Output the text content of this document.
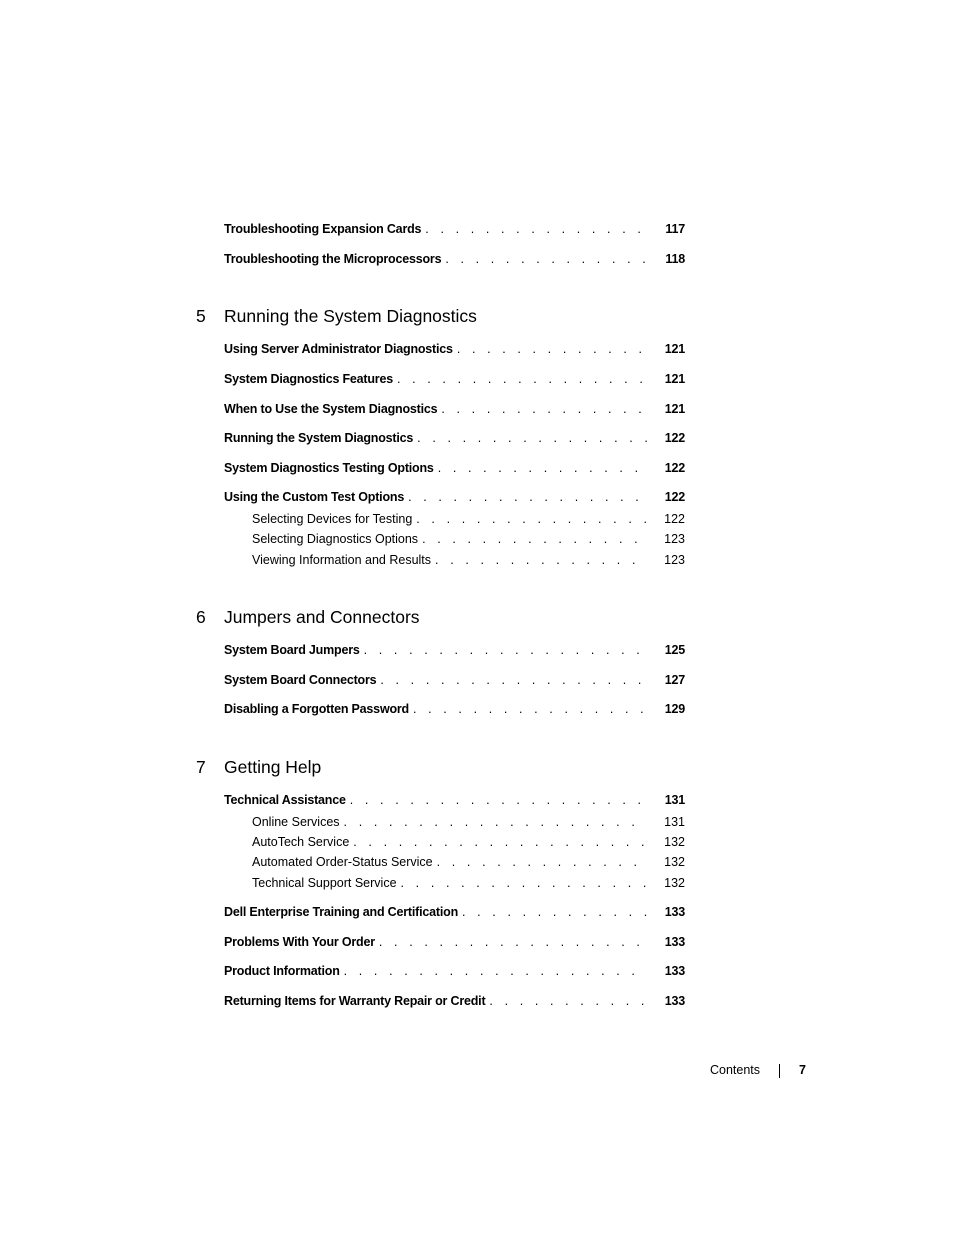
Troubleshooting Expansion Cards . . .	117
Troubleshooting the Microprocessors . . .	118
5 Running the System Diagnostics
Using Server Administrator Diagnostics . . .	121
System Diagnostics Features . . .	121
When to Use the System Diagnostics . . .	121
Running the System Diagnostics . . .	122
System Diagnostics Testing Options . . .	122
Using the Custom Test Options . . .	122
Selecting Devices for Testing . . .	122
Selecting Diagnostics Options . . .	123
Viewing Information and Results . . .	123
6 Jumpers and Connectors
System Board Jumpers . . .	125
System Board Connectors . . .	127
Disabling a Forgotten Password . . .	129
7 Getting Help
Technical Assistance . . .	131
Online Services . . .	131
AutoTech Service . . .	132
Automated Order-Status Service . . .	132
Technical Support Service . . .	132
Dell Enterprise Training and Certification . . .	133
Problems With Your Order . . .	133
Product Information . . .	133
Returning Items for Warranty Repair or Credit . . .	133
Contents	7
